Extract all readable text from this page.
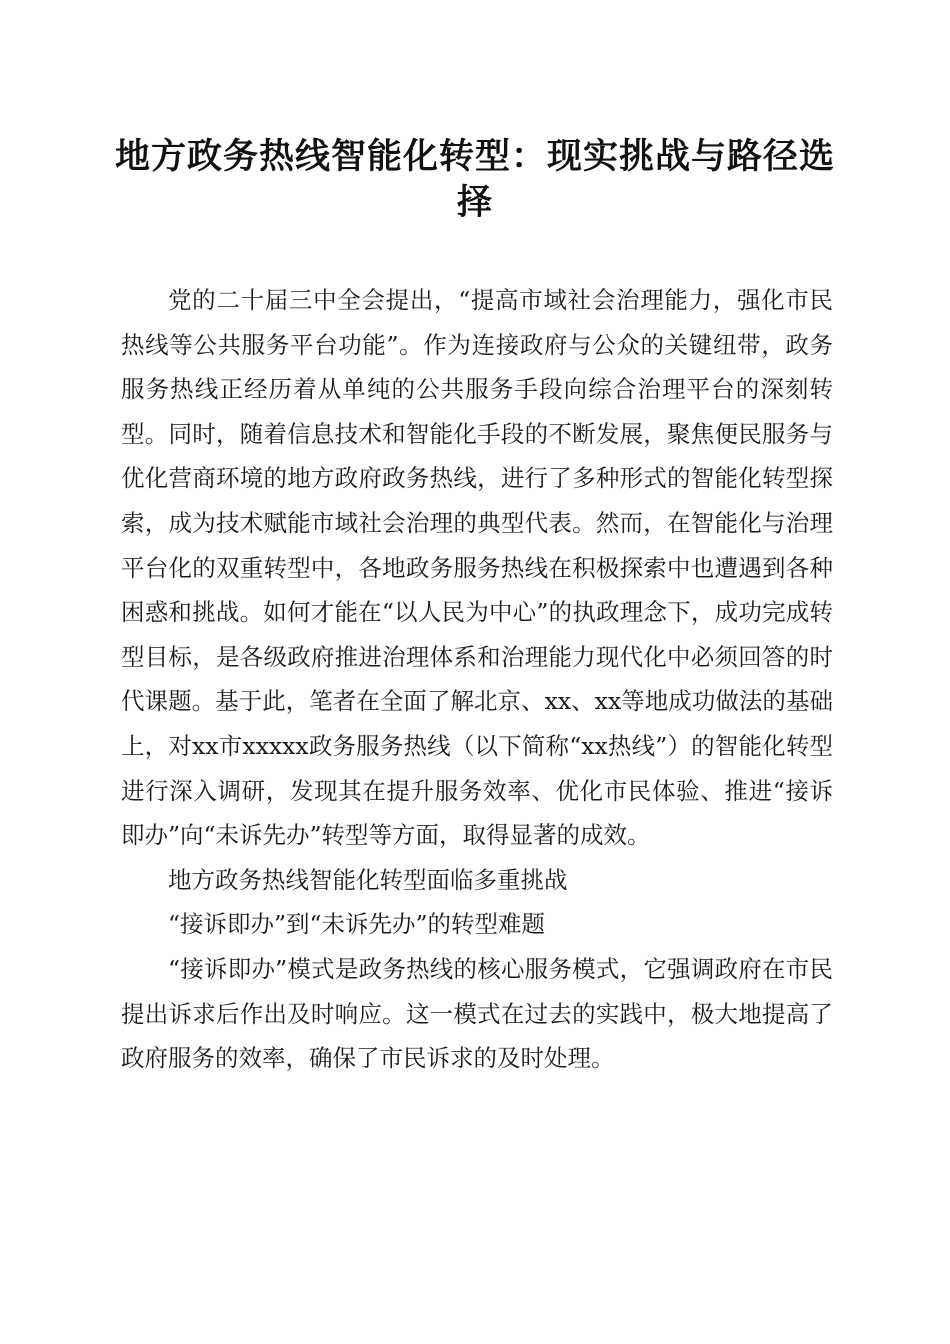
地方政务热线智能化转型：现实挑战与路径选择

党的二十届三中全会提出，“提高市域社会治理能力，强化市民热线等公共服务平台功能”。作为连接政府与公众的关键纽带，政务服务热线正经历着从单纯的公共服务手段向综合治理平台的深刻转型。同时，随着信息技术和智能化手段的不断发展，聚焦便民服务与优化营商环境的地方政府政务热线，进行了多种形式的智能化转型探索，成为技术赋能市域社会治理的典型代表。然而，在智能化与治理平台化的双重转型中，各地政务服务热线在积极探索中也遭遇到各种困惑和挑战。如何才能在“以人民为中心”的执政理念下，成功完成转型目标，是各级政府推进治理体系和治理能力现代化中必须回答的时代课题。基于此，笔者在全面了解北京、xx、xx等地成功做法的基础上，对xx市xxxxx政务服务热线（以下简称“xx热线”）的智能化转型进行深入调研，发现其在提升服务效率、优化市民体验、推进“接诉即办”向“未诉先办”转型等方面，取得显著的成效。

地方政务热线智能化转型面临多重挑战

“接诉即办”到“未诉先办”的转型难题

“接诉即办”模式是政务热线的核心服务模式，它强调政府在市民提出诉求后作出及时响应。这一模式在过去的实践中，极大地提高了政府服务的效率，确保了市民诉求的及时处理。
